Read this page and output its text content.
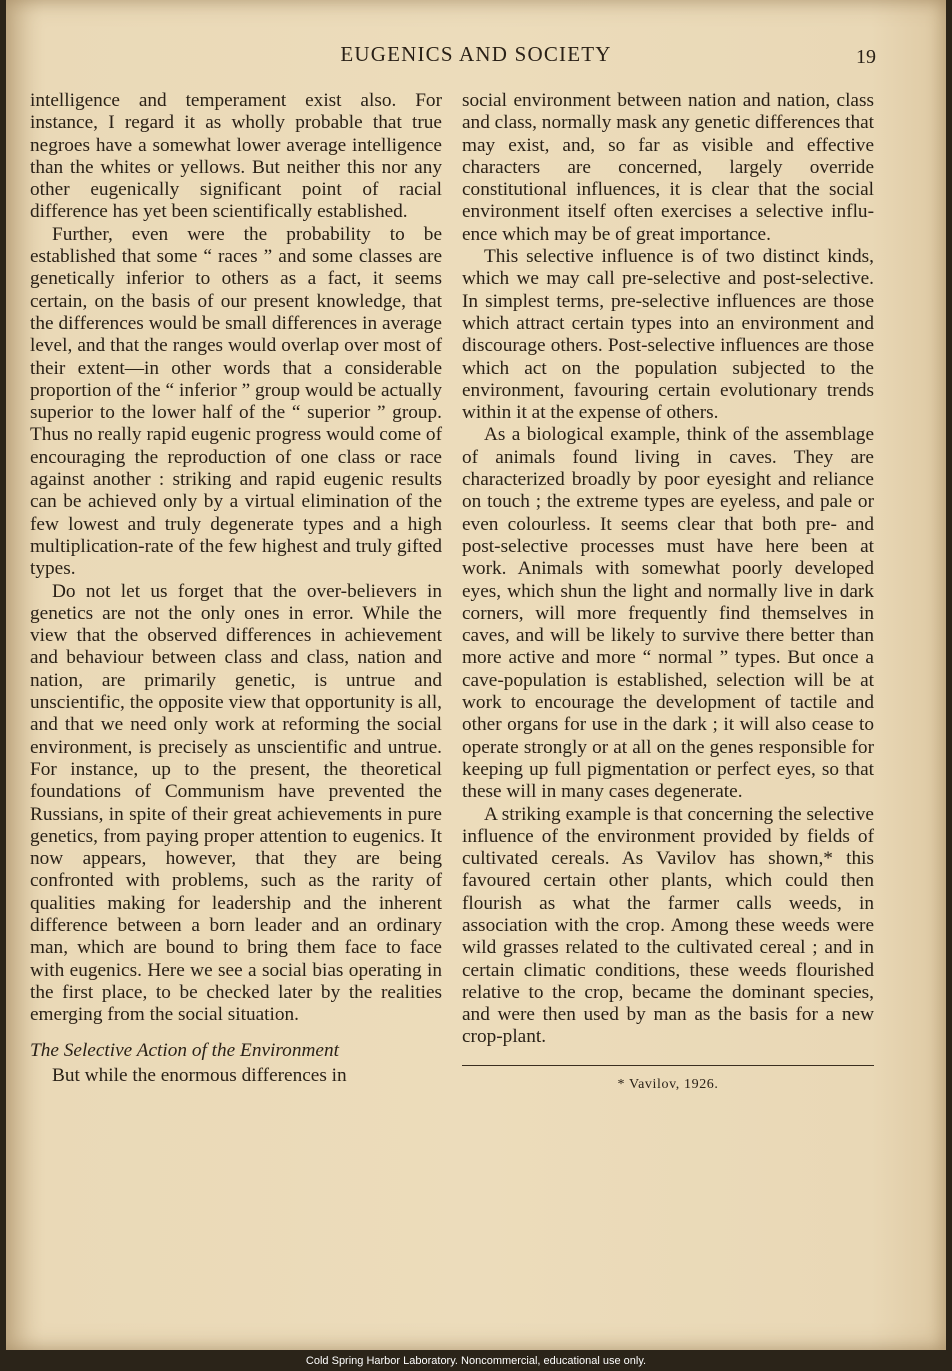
EUGENICS AND SOCIETY	19

intelligence and temperament exist also. For instance, I regard it as wholly probable that true negroes have a somewhat lower average intelligence than the whites or yellows. But neither this nor any other eugenically significant point of racial difference has yet been scientifically established.

Further, even were the probability to be established that some “ races ” and some classes are genetically inferior to others as a fact, it seems certain, on the basis of our present knowledge, that the differences would be small differences in average level, and that the ranges would overlap over most of their extent—in other words that a considerable proportion of the “ inferior ” group would be actually superior to the lower half of the “ superior ” group. Thus no really rapid eugenic progress would come of encouraging the reproduction of one class or race against another : striking and rapid eugenic results can be achieved only by a virtual elimination of the few lowest and truly degenerate types and a high multiplication-rate of the few highest and truly gifted types.

Do not let us forget that the over-believers in genetics are not the only ones in error. While the view that the observed differences in achievement and behaviour between class and class, nation and nation, are primarily genetic, is untrue and unscientific, the opposite view that opportunity is all, and that we need only work at reforming the social environment, is precisely as unscientific and untrue. For instance, up to the present, the theoretical foundations of Communism have prevented the Russians, in spite of their great achievements in pure genetics, from paying proper attention to eugenics. It now appears, however, that they are being confronted with problems, such as the rarity of qualities making for leadership and the inherent difference between a born leader and an ordinary man, which are bound to bring them face to face with eugenics. Here we see a social bias operating in the first place, to be checked later by the realities emerging from the social situation.

The Selective Action of the Environment

But while the enormous differences in

social environment between nation and nation, class and class, normally mask any genetic differences that may exist, and, so far as visible and effective characters are concerned, largely override constitutional influences, it is clear that the social environment itself often exercises a selective influence which may be of great importance.

This selective influence is of two distinct kinds, which we may call pre-selective and post-selective. In simplest terms, pre-selective influences are those which attract certain types into an environment and discourage others. Post-selective influences are those which act on the population subjected to the environment, favouring certain evolutionary trends within it at the expense of others.

As a biological example, think of the assemblage of animals found living in caves. They are characterized broadly by poor eyesight and reliance on touch ; the extreme types are eyeless, and pale or even colourless. It seems clear that both pre- and post-selective processes must have here been at work. Animals with somewhat poorly developed eyes, which shun the light and normally live in dark corners, will more frequently find themselves in caves, and will be likely to survive there better than more active and more “ normal ” types. But once a cave-population is established, selection will be at work to encourage the development of tactile and other organs for use in the dark ; it will also cease to operate strongly or at all on the genes responsible for keeping up full pigmentation or perfect eyes, so that these will in many cases degenerate.

A striking example is that concerning the selective influence of the environment provided by fields of cultivated cereals. As Vavilov has shown,* this favoured certain other plants, which could then flourish as what the farmer calls weeds, in association with the crop. Among these weeds were wild grasses related to the cultivated cereal ; and in certain climatic conditions, these weeds flourished relative to the crop, became the dominant species, and were then used by man as the basis for a new crop-plant.

* Vavilov, 1926.

Cold Spring Harbor Laboratory. Noncommercial, educational use only.
